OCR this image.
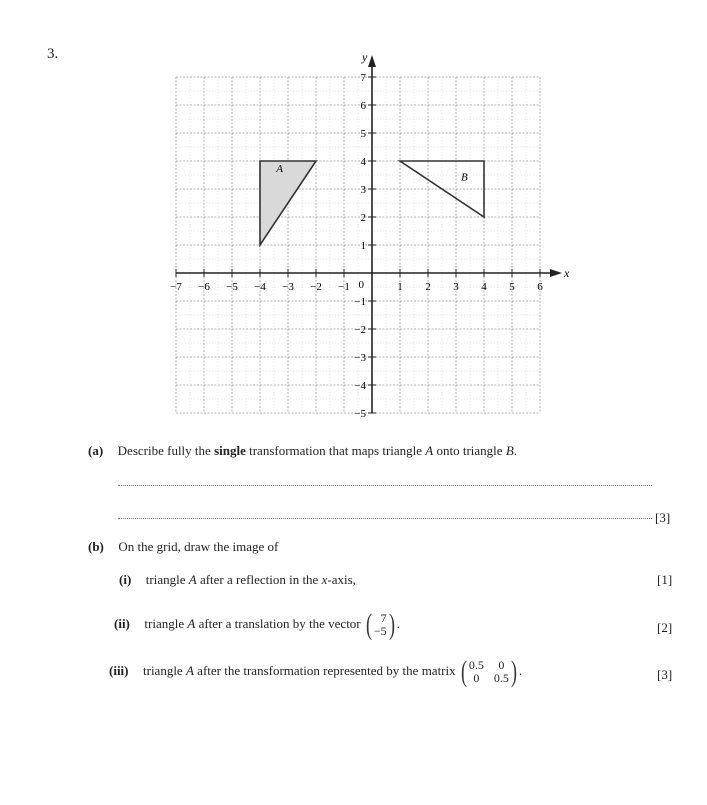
3.
x
y
−7 −6 −5 −4 −3 −2 −1	1 2 3 4 5 6
7
6
5
4
3
2
1
−1
−2
−3
−4
−5
0
A
B
(a) Describe fully the single transformation that maps triangle A onto triangle B.
[3]
(b) On the grid, draw the image of
(i) triangle A after a reflection in the x-axis,	[1]
(ii) triangle A after a translation by the vector ( 7
−5 ) .	[2]
(iii) triangle A after the transformation represented by the matrix ( 0.5	0
0	0.5 ) .	[3]
